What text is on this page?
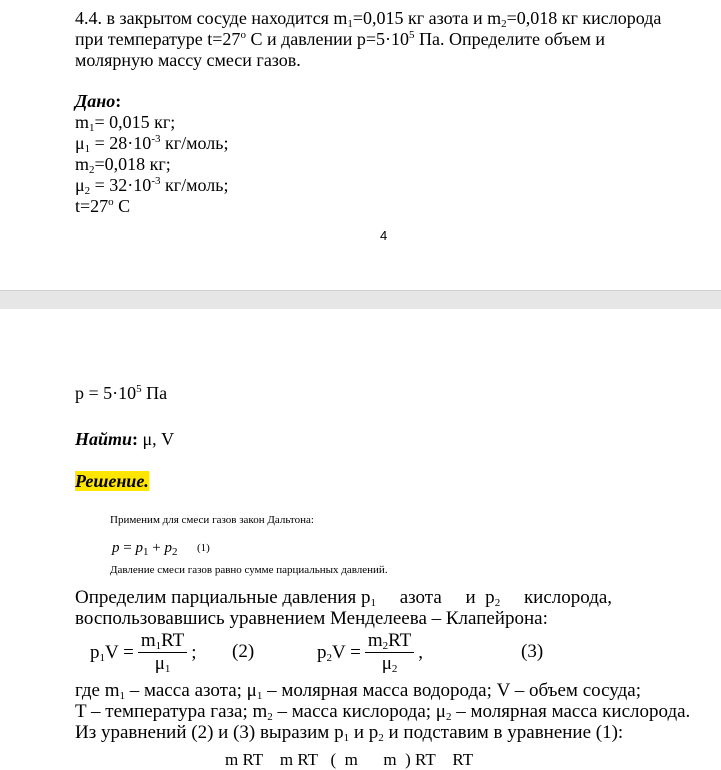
4.4. в закрытом сосуде находится $m_1=0,015$ кг азота и $m_2=0,018$ кг кислорода
при температуре $t=27^o$ С и давлении $p=5\cdot 10^5$ Па. Определите объем и
молярную массу смеси газов.
Дано:
$m_1= 0,015$ кг;
$\mu_1 = 28\cdot 10^{-3}$ кг/моль;
$m_2=0,018$ кг;
$\mu_2 = 32\cdot 10^{-3}$ кг/моль;
$t=27^o$ С
4
$p = 5\cdot 10^5$ Па
Найти: μ, V
Решение.
Применим для смеси газов закон Дальтона:
$p = p_1 + p_2$ (1)
Давление смеси газов равно сумме парциальных давлений.
Определим парциальные давления $p_1$     азота     и  $p_2$     кислорода,
воспользовавшись уравнением Менделеева – Клапейрона:
$p_1V = \frac{m_1RT}{\mu_1}$ ; (2)	$p_2V = \frac{m_2RT}{\mu_2}$ ,	(3)
где $m_1$ – масса азота; $\mu_1$ – молярная масса водорода; V – объем сосуда;
T – температура газа; $m_2$ – масса кислорода; $\mu_2$ – молярная масса кислорода.
Из уравнений (2) и (3) выразим $p_1$ и $p_2$ и подставим в уравнение (1):
m RT    m RT   (  m      m  ) RT    RT
